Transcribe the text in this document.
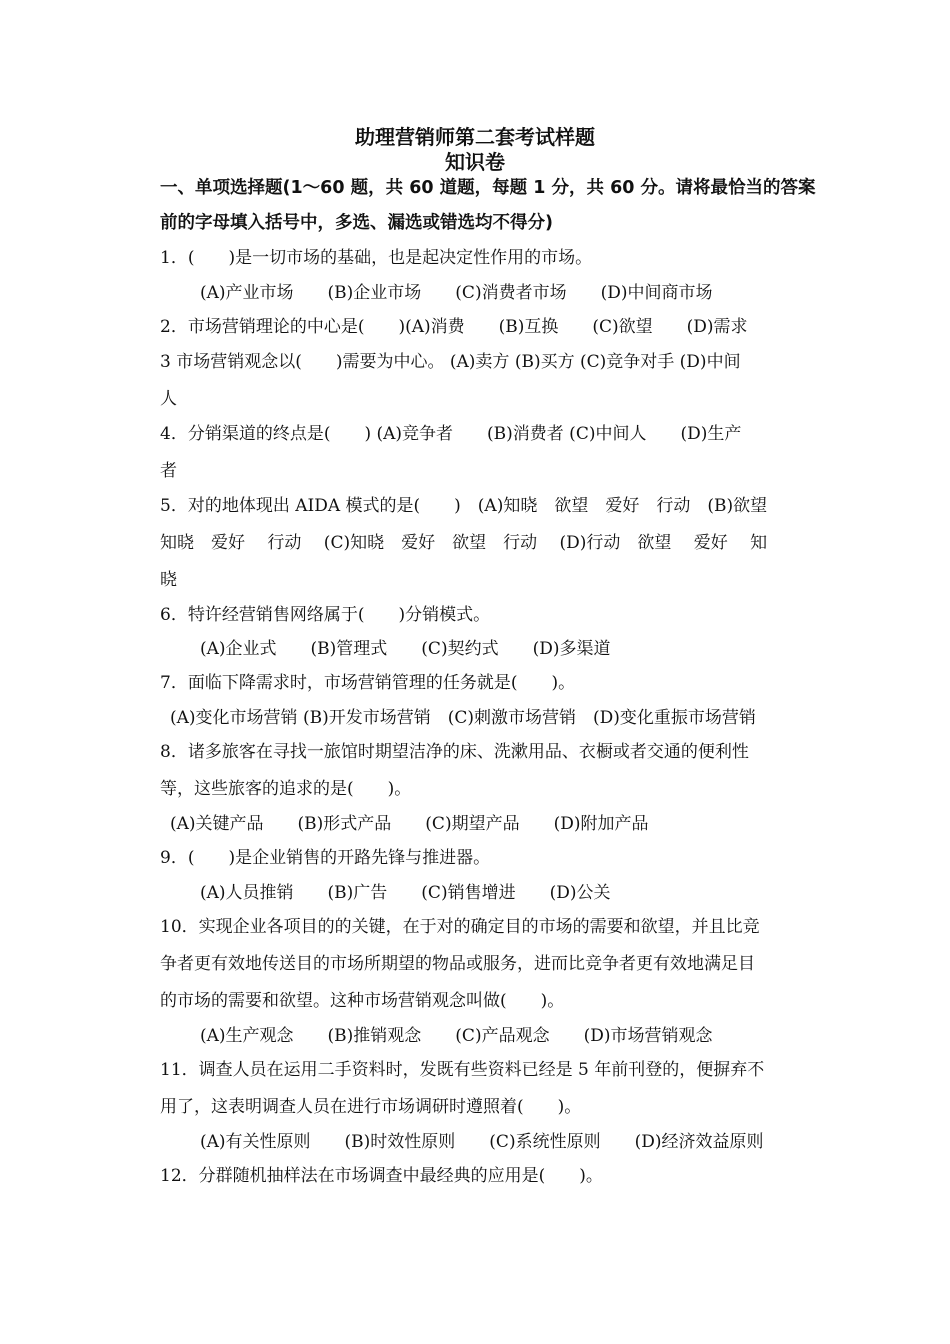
助理营销师第二套考试样题
知识卷
一、单项选择题(1～60 题，共 60 道题，每题 1 分，共 60 分。请将最恰当的答案
前的字母填入括号中，多选、漏选或错选均不得分)
1．(　　)是一切市场的基础，也是起决定性作用的市场。
(A)产业市场　　(B)企业市场　　(C)消费者市场　　(D)中间商市场
2．市场营销理论的中心是(　　)(A)消费　　(B)互换　　(C)欲望　　(D)需求
3 市场营销观念以(　　)需要为中心。 (A)卖方 (B)买方 (C)竞争对手 (D)中间
人
4．分销渠道的终点是(　　) (A)竞争者　　(B)消费者 (C)中间人　　(D)生产
者
5．对的地体现出 AIDA 模式的是(　　)　(A)知晓　欲望　爱好　行动　(B)欲望
知晓　爱好　 行动　 (C)知晓　爱好　欲望　行动　 (D)行动　欲望　 爱好　 知
晓
6．特许经营销售网络属于(　　)分销模式。
(A)企业式　　(B)管理式　　(C)契约式　　(D)多渠道
7．面临下降需求时，市场营销管理的任务就是(　　)。
(A)变化市场营销 (B)开发市场营销　(C)刺激市场营销　(D)变化重振市场营销
8．诸多旅客在寻找一旅馆时期望洁净的床、洗漱用品、衣橱或者交通的便利性
等，这些旅客的追求的是(　　)。
(A)关键产品　　(B)形式产品　　(C)期望产品　　(D)附加产品
9．(　　)是企业销售的开路先锋与推进器。
(A)人员推销　　(B)广告　　(C)销售增进　　(D)公关
10．实现企业各项目的的关键，在于对的确定目的市场的需要和欲望，并且比竞
争者更有效地传送目的市场所期望的物品或服务，进而比竞争者更有效地满足目
的市场的需要和欲望。这种市场营销观念叫做(　　)。
(A)生产观念　　(B)推销观念　　(C)产品观念　　(D)市场营销观念
11．调查人员在运用二手资料时，发既有些资料已经是 5 年前刊登的，便摒弃不
用了，这表明调查人员在进行市场调研时遵照着(　　)。
(A)有关性原则　　(B)时效性原则　　(C)系统性原则　　(D)经济效益原则
12．分群随机抽样法在市场调查中最经典的应用是(　　)。
